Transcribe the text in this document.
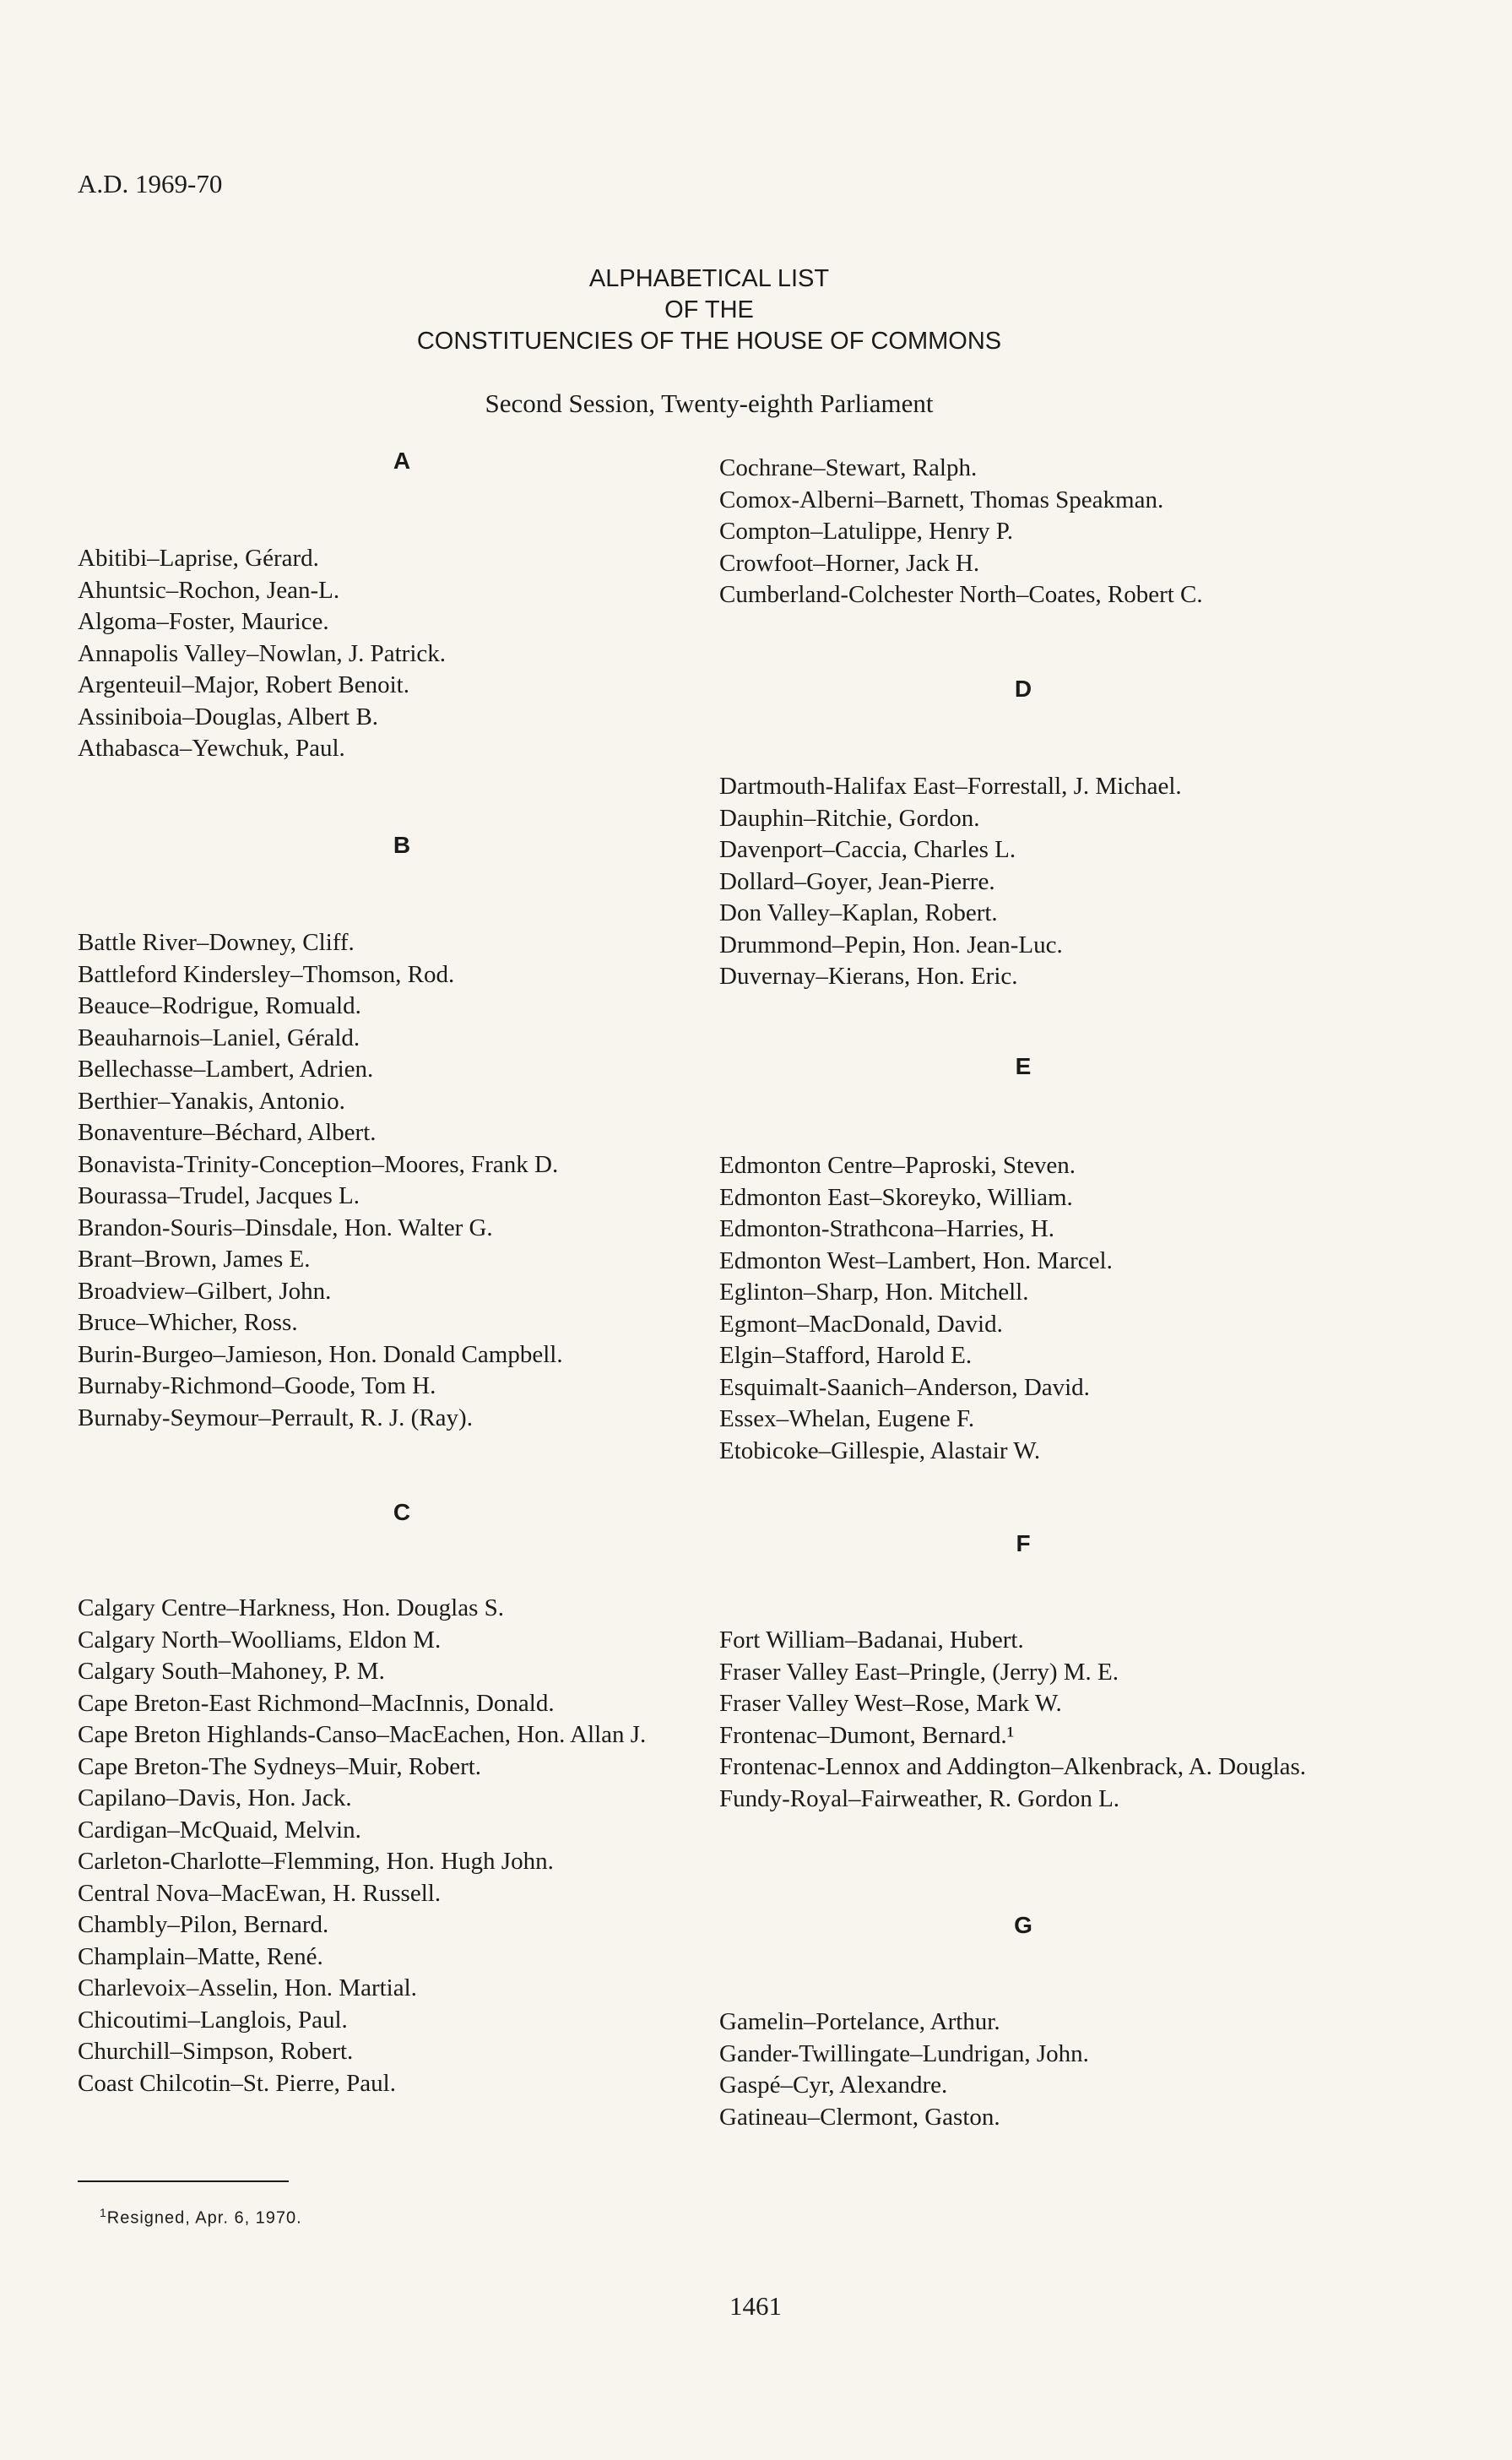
A.D. 1969-70
ALPHABETICAL LIST
OF THE
CONSTITUENCIES OF THE HOUSE OF COMMONS
Second Session, Twenty-eighth Parliament
A
Abitibi–Laprise, Gérard.
Ahuntsic–Rochon, Jean-L.
Algoma–Foster, Maurice.
Annapolis Valley–Nowlan, J. Patrick.
Argenteuil–Major, Robert Benoit.
Assiniboia–Douglas, Albert B.
Athabasca–Yewchuk, Paul.
B
Battle River–Downey, Cliff.
Battleford Kindersley–Thomson, Rod.
Beauce–Rodrigue, Romuald.
Beauharnois–Laniel, Gérald.
Bellechasse–Lambert, Adrien.
Berthier–Yanakis, Antonio.
Bonaventure–Béchard, Albert.
Bonavista-Trinity-Conception–Moores, Frank D.
Bourassa–Trudel, Jacques L.
Brandon-Souris–Dinsdale, Hon. Walter G.
Brant–Brown, James E.
Broadview–Gilbert, John.
Bruce–Whicher, Ross.
Burin-Burgeo–Jamieson, Hon. Donald Campbell.
Burnaby-Richmond–Goode, Tom H.
Burnaby-Seymour–Perrault, R. J. (Ray).
C
Calgary Centre–Harkness, Hon. Douglas S.
Calgary North–Woolliams, Eldon M.
Calgary South–Mahoney, P. M.
Cape Breton-East Richmond–MacInnis, Donald.
Cape Breton Highlands-Canso–MacEachen, Hon. Allan J.
Cape Breton-The Sydneys–Muir, Robert.
Capilano–Davis, Hon. Jack.
Cardigan–McQuaid, Melvin.
Carleton-Charlotte–Flemming, Hon. Hugh John.
Central Nova–MacEwan, H. Russell.
Chambly–Pilon, Bernard.
Champlain–Matte, René.
Charlevoix–Asselin, Hon. Martial.
Chicoutimi–Langlois, Paul.
Churchill–Simpson, Robert.
Coast Chilcotin–St. Pierre, Paul.
Cochrane–Stewart, Ralph.
Comox-Alberni–Barnett, Thomas Speakman.
Compton–Latulippe, Henry P.
Crowfoot–Horner, Jack H.
Cumberland-Colchester North–Coates, Robert C.
D
Dartmouth-Halifax East–Forrestall, J. Michael.
Dauphin–Ritchie, Gordon.
Davenport–Caccia, Charles L.
Dollard–Goyer, Jean-Pierre.
Don Valley–Kaplan, Robert.
Drummond–Pepin, Hon. Jean-Luc.
Duvernay–Kierans, Hon. Eric.
E
Edmonton Centre–Paproski, Steven.
Edmonton East–Skoreyko, William.
Edmonton-Strathcona–Harries, H.
Edmonton West–Lambert, Hon. Marcel.
Eglinton–Sharp, Hon. Mitchell.
Egmont–MacDonald, David.
Elgin–Stafford, Harold E.
Esquimalt-Saanich–Anderson, David.
Essex–Whelan, Eugene F.
Etobicoke–Gillespie, Alastair W.
F
Fort William–Badanai, Hubert.
Fraser Valley East–Pringle, (Jerry) M. E.
Fraser Valley West–Rose, Mark W.
Frontenac–Dumont, Bernard.¹
Frontenac-Lennox and Addington–Alkenbrack, A. Douglas.
Fundy-Royal–Fairweather, R. Gordon L.
G
Gamelin–Portelance, Arthur.
Gander-Twillingate–Lundrigan, John.
Gaspé–Cyr, Alexandre.
Gatineau–Clermont, Gaston.
$^1$Resigned, Apr. 6, 1970.
1461
